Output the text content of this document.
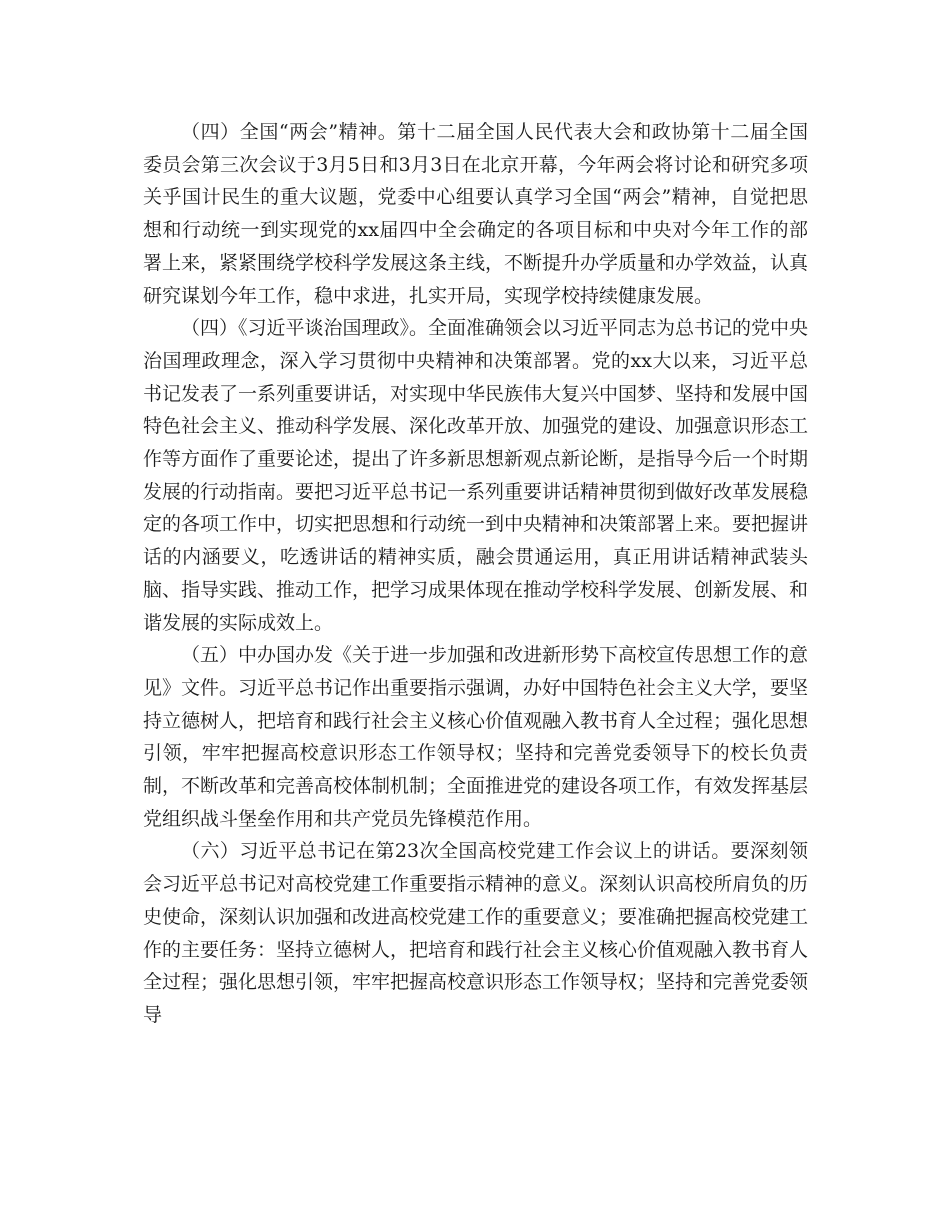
（四）全国“两会”精神。第十二届全国人民代表大会和政协第十二届全国委员会第三次会议于3月5日和3月3日在北京开幕，今年两会将讨论和研究多项关乎国计民生的重大议题，党委中心组要认真学习全国“两会”精神，自觉把思想和行动统一到实现党的xx届四中全会确定的各项目标和中央对今年工作的部署上来，紧紧围绕学校科学发展这条主线，不断提升办学质量和办学效益，认真研究谋划今年工作，稳中求进，扎实开局，实现学校持续健康发展。

（四）《习近平谈治国理政》。全面准确领会以习近平同志为总书记的党中央治国理政理念，深入学习贯彻中央精神和决策部署。党的xx大以来，习近平总书记发表了一系列重要讲话，对实现中华民族伟大复兴中国梦、坚持和发展中国特色社会主义、推动科学发展、深化改革开放、加强党的建设、加强意识形态工作等方面作了重要论述，提出了许多新思想新观点新论断，是指导今后一个时期发展的行动指南。要把习近平总书记一系列重要讲话精神贯彻到做好改革发展稳定的各项工作中，切实把思想和行动统一到中央精神和决策部署上来。要把握讲话的内涵要义，吃透讲话的精神实质，融会贯通运用，真正用讲话精神武装头脑、指导实践、推动工作，把学习成果体现在推动学校科学发展、创新发展、和谐发展的实际成效上。

（五）中办国办发《关于进一步加强和改进新形势下高校宣传思想工作的意见》文件。习近平总书记作出重要指示强调，办好中国特色社会主义大学，要坚持立德树人，把培育和践行社会主义核心价值观融入教书育人全过程；强化思想引领，牢牢把握高校意识形态工作领导权；坚持和完善党委领导下的校长负责制，不断改革和完善高校体制机制；全面推进党的建设各项工作，有效发挥基层党组织战斗堡垒作用和共产党员先锋模范作用。

（六）习近平总书记在第23次全国高校党建工作会议上的讲话。要深刻领会习近平总书记对高校党建工作重要指示精神的意义。深刻认识高校所肩负的历史使命，深刻认识加强和改进高校党建工作的重要意义；要准确把握高校党建工作的主要任务：坚持立德树人，把培育和践行社会主义核心价值观融入教书育人全过程；强化思想引领，牢牢把握高校意识形态工作领导权；坚持和完善党委领导
